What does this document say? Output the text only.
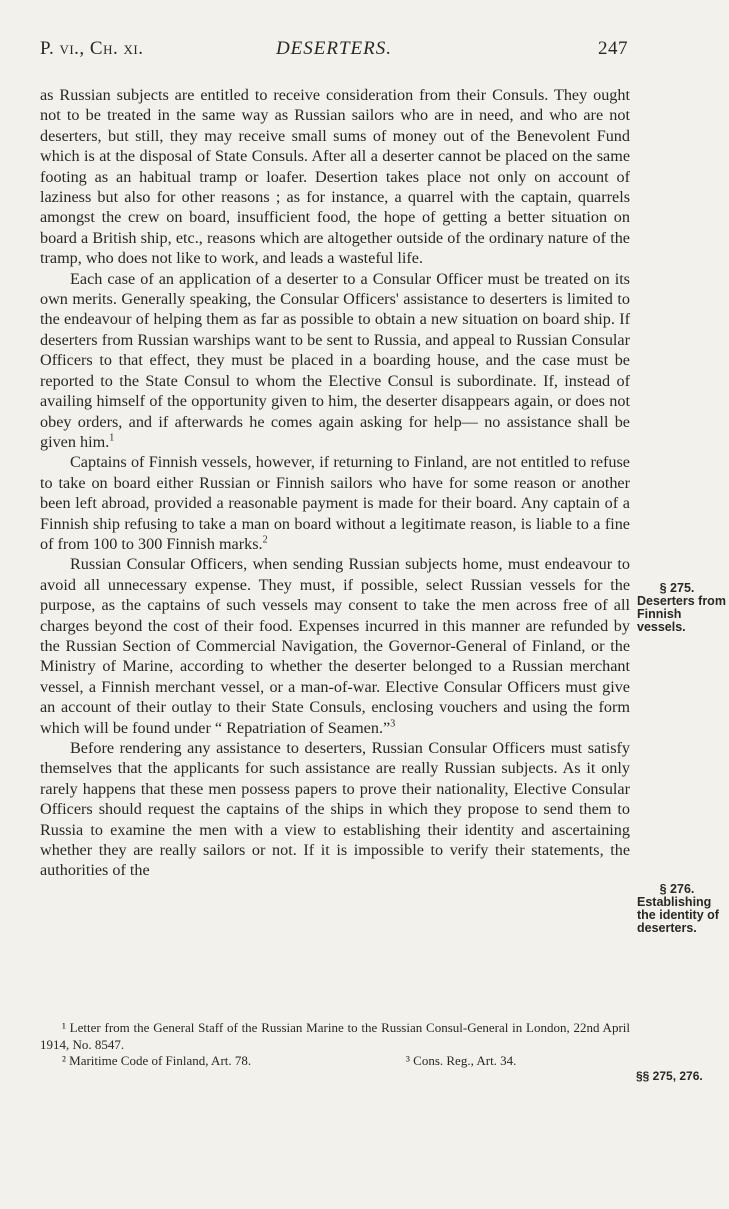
P. vi., Ch. xi.	DESERTERS.	247

as Russian subjects are entitled to receive consideration from their Consuls. They ought not to be treated in the same way as Russian sailors who are in need, and who are not deserters, but still, they may receive small sums of money out of the Benevolent Fund which is at the disposal of State Consuls. After all a deserter cannot be placed on the same footing as an habitual tramp or loafer. Desertion takes place not only on account of laziness but also for other reasons ; as for instance, a quarrel with the captain, quarrels amongst the crew on board, insufficient food, the hope of getting a better situation on board a British ship, etc., reasons which are altogether outside of the ordinary nature of the tramp, who does not like to work, and leads a wasteful life.

Each case of an application of a deserter to a Consular Officer must be treated on its own merits. Generally speaking, the Consular Officers' assistance to deserters is limited to the endeavour of helping them as far as possible to obtain a new situation on board ship. If deserters from Russian warships want to be sent to Russia, and appeal to Russian Consular Officers to that effect, they must be placed in a boarding house, and the case must be reported to the State Consul to whom the Elective Consul is subordinate. If, instead of availing himself of the opportunity given to him, the deserter disappears again, or does not obey orders, and if afterwards he comes again asking for help— no assistance shall be given him.$^1$

Captains of Finnish vessels, however, if returning to Finland, are not entitled to refuse to take on board either Russian or Finnish sailors who have for some reason or another been left abroad, provided a reasonable payment is made for their board. Any captain of a Finnish ship refusing to take a man on board without a legitimate reason, is liable to a fine of from 100 to 300 Finnish marks.$^2$

Russian Consular Officers, when sending Russian subjects home, must endeavour to avoid all unnecessary expense. They must, if possible, select Russian vessels for the purpose, as the captains of such vessels may consent to take the men across free of all charges beyond the cost of their food. Expenses incurred in this manner are refunded by the Russian Section of Commercial Navigation, the Governor-General of Finland, or the Ministry of Marine, according to whether the deserter belonged to a Russian merchant vessel, a Finnish merchant vessel, or a man-of-war. Elective Consular Officers must give an account of their outlay to their State Consuls, enclosing vouchers and using the form which will be found under “ Repatriation of Seamen.”$^3$

Before rendering any assistance to deserters, Russian Consular Officers must satisfy themselves that the applicants for such assistance are really Russian subjects. As it only rarely happens that these men possess papers to prove their nationality, Elective Consular Officers should request the captains of the ships in which they propose to send them to Russia to examine the men with a view to establishing their identity and ascertaining whether they are really sailors or not. If it is impossible to verify their statements, the authorities of the

§ 275.
Deserters from Finnish vessels.
§ 276.
Establishing the identity of deserters.

¹ Letter from the General Staff of the Russian Marine to the Russian Consul-General in London, 22nd April 1914, No. 8547.

² Maritime Code of Finland, Art. 78.	³ Cons. Reg., Art. 34.
§§ 275, 276.
